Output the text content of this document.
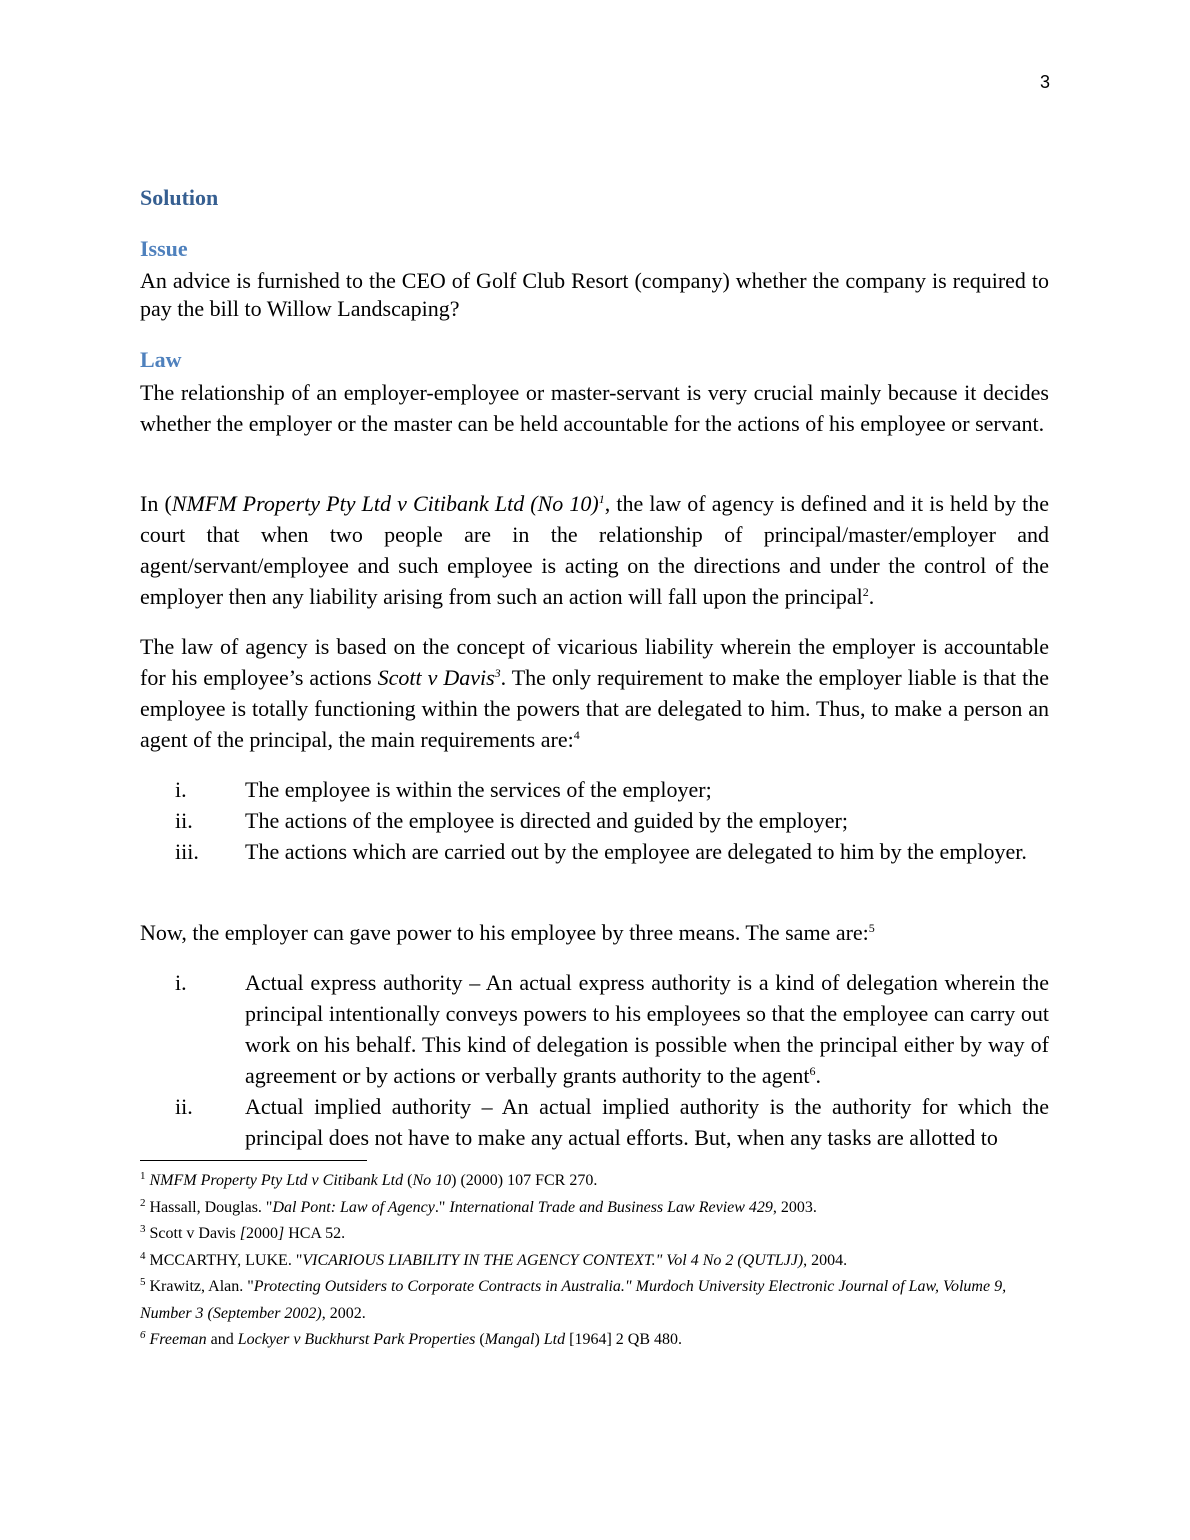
3
Solution
Issue

An advice is furnished to the CEO of Golf Club Resort (company) whether the company is required to pay the bill to Willow Landscaping?

Law

The relationship of an employer-employee or master-servant is very crucial mainly because it decides whether the employer or the master can be held accountable for the actions of his employee or servant.

In (NMFM Property Pty Ltd v Citibank Ltd (No 10)$^1$, the law of agency is defined and it is held by the court that when two people are in the relationship of principal/master/employer and agent/servant/employee and such employee is acting on the directions and under the control of the employer then any liability arising from such an action will fall upon the principal$^2$.

The law of agency is based on the concept of vicarious liability wherein the employer is accountable for his employee’s actions Scott v Davis$^3$. The only requirement to make the employer liable is that the employee is totally functioning within the powers that are delegated to him. Thus, to make a person an agent of the principal, the main requirements are:$^4$

i.	The employee is within the services of the employer;
ii. The actions of the employee is directed and guided by the employer;
iii. The actions which are carried out by the employee are delegated to him by the employer.

Now, the employer can gave power to his employee by three means. The same are:$^5$

i.	Actual express authority – An actual express authority is a kind of delegation wherein the principal intentionally conveys powers to his employees so that the employee can carry out work on his behalf. This kind of delegation is possible when the principal either by way of agreement or by actions or verbally grants authority to the agent$^6$.
ii. Actual implied authority – An actual implied authority is the authority for which the principal does not have to make any actual efforts. But, when any tasks are allotted to

$^1$ NMFM Property Pty Ltd v Citibank Ltd (No 10) (2000) 107 FCR 270.

$^2$ Hassall, Douglas. "Dal Pont: Law of Agency." International Trade and Business Law Review 429, 2003.

$^3$ Scott v Davis [2000] HCA 52.

$^4$ MCCARTHY, LUKE. "VICARIOUS LIABILITY IN THE AGENCY CONTEXT." Vol 4 No 2 (QUTLJJ), 2004.

$^5$ Krawitz, Alan. "Protecting Outsiders to Corporate Contracts in Australia." Murdoch University Electronic Journal of Law, Volume 9, Number 3 (September 2002), 2002.

$^6$ Freeman and Lockyer v Buckhurst Park Properties (Mangal) Ltd [1964] 2 QB 480.
